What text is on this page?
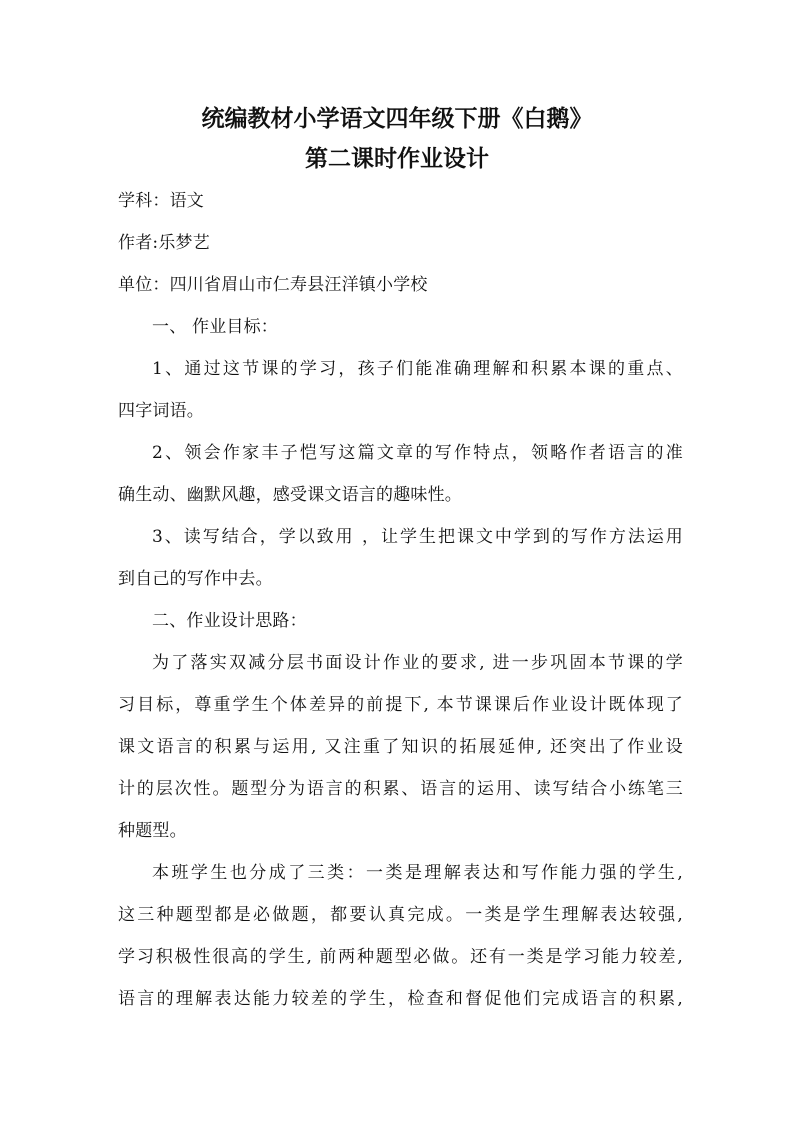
统编教材小学语文四年级下册《白鹅》
第二课时作业设计
学科：语文
作者:乐梦艺
单位：四川省眉山市仁寿县汪洋镇小学校
一、 作业目标：
1、通过这节课的学习，孩子们能准确理解和积累本课的重点、
四字词语。
2、领会作家丰子恺写这篇文章的写作特点，领略作者语言的准
确生动、幽默风趣，感受课文语言的趣味性。
3、读写结合，学以致用 ，让学生把课文中学到的写作方法运用
到自己的写作中去。
二、作业设计思路：
为了落实双减分层书面设计作业的要求, 进一步巩固本节课的学
习目标，尊重学生个体差异的前提下, 本节课课后作业设计既体现了
课文语言的积累与运用, 又注重了知识的拓展延伸, 还突出了作业设
计的层次性。题型分为语言的积累、语言的运用、读写结合小练笔三
种题型。
本班学生也分成了三类：一类是理解表达和写作能力强的学生,
这三种题型都是必做题，都要认真完成。一类是学生理解表达较强,
学习积极性很高的学生, 前两种题型必做。还有一类是学习能力较差,
语言的理解表达能力较差的学生，检查和督促他们完成语言的积累,
